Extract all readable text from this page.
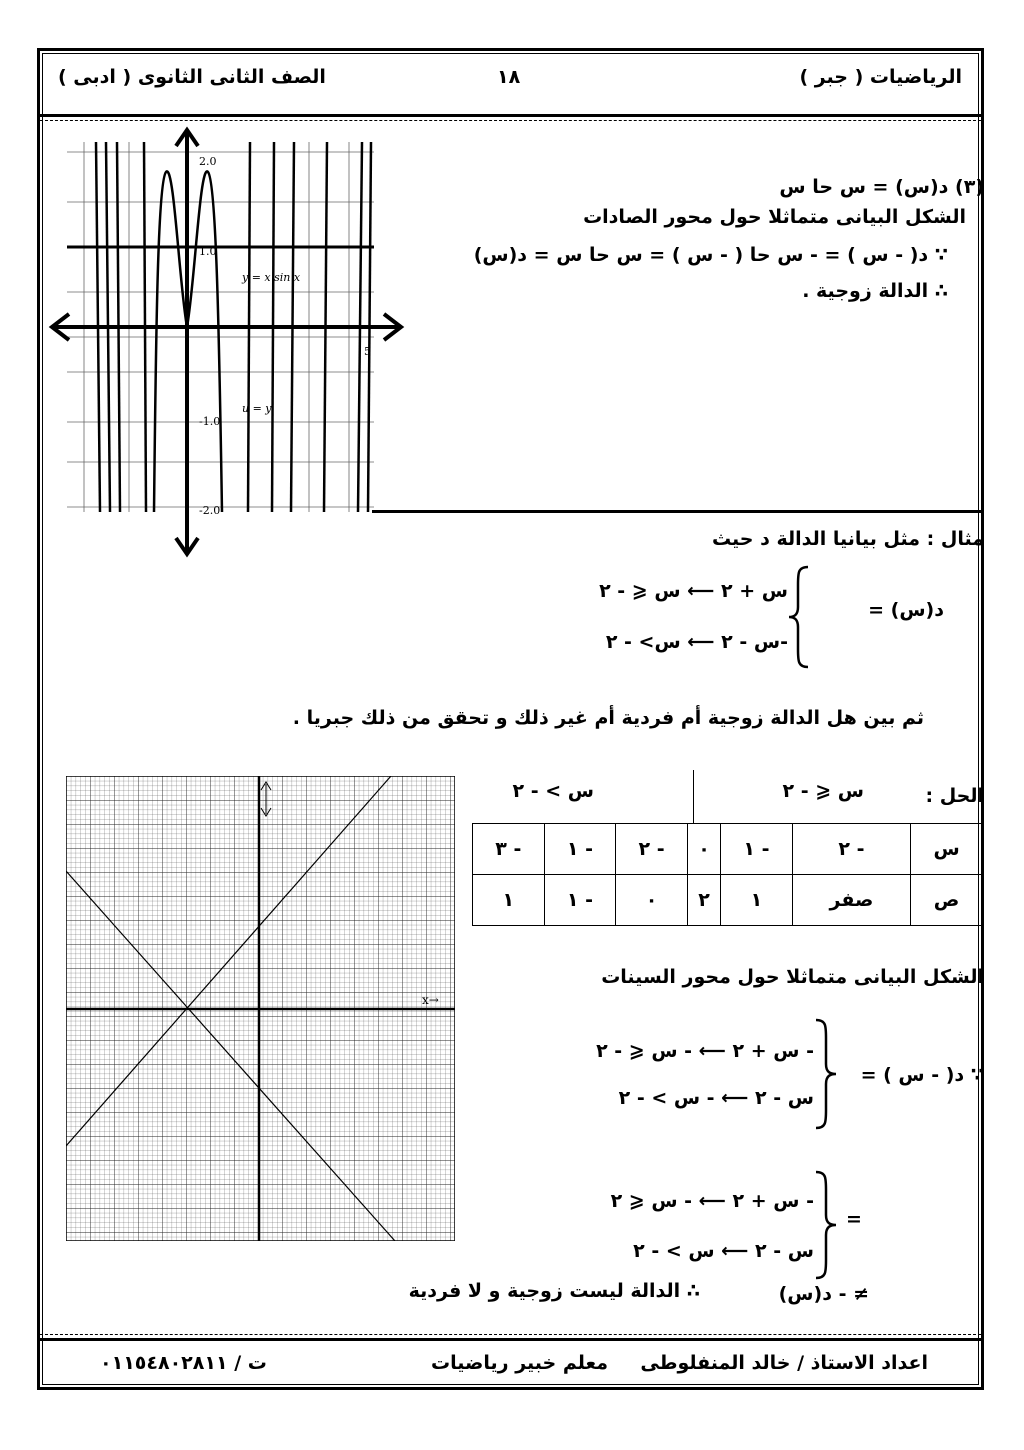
الرياضيات ( جبر )
١٨
الصف الثانى الثانوى ( ادبى )
2.0
1.0
-1.0
-2.0
5
y = x sin x
u = y
(٣) د(س) = س حا س
الشكل البيانى متماثلا حول محور الصادات
∵ د( - س ) = - س حا ( - س ) = س حا س = د(س)
∴ الدالة زوجية .
مثال : مثل بيانيا الدالة د حيث
د(س) =
س + ٢ ⟵ س ⩽ - ٢
-س - ٢ ⟵ س> - ٢
ثم بين هل الدالة زوجية أم فردية أم غير ذلك و تحقق من ذلك جبريا .
الحل :
س ⩽ - ٢
س > - ٢
س	- ٢	- ١	٠	- ٢	- ١	- ٣
ص	صفر	١	٢	٠	- ١	١
x→
الشكل البيانى متماثلا حول محور السينات
∵ د( - س ) =
- س + ٢ ⟵ - س ⩽ - ٢
س - ٢ ⟵ - س > - ٢
=
- س + ٢ ⟵ - س ⩽ ٢
س - ٢ ⟵ س > - ٢
≠ - د(س)
∴ الدالة ليست زوجية و لا فردية
اعداد الاستاذ / خالد المنفلوطى
معلم خبير رياضيات
ت / ٠١١٥٤٨٠٢٨١١
